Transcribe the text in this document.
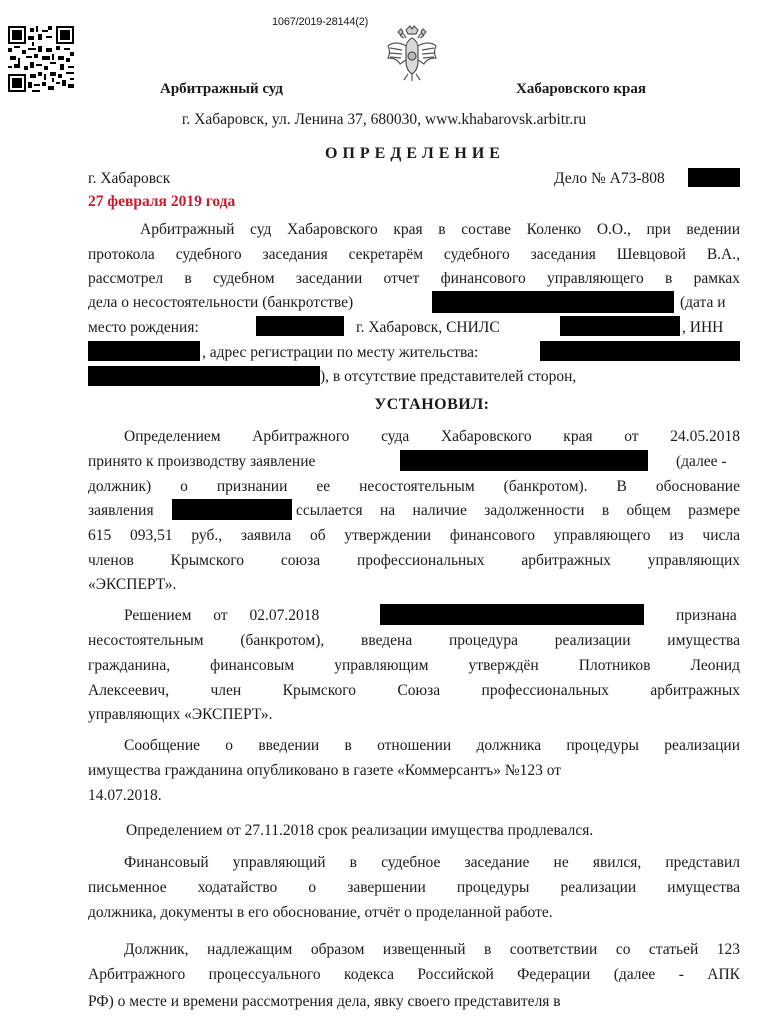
1067/2019-28144(2)
Арбитражный суд	Хабаровского края
г. Хабаровск, ул. Ленина 37, 680030, www.khabarovsk.arbitr.ru
ОПРЕДЕЛЕНИЕ
г. Хабаровск	Дело № А73-808
27 февраля 2019 года
Арбитражный суд Хабаровского края в составе Коленко О.О., при ведении
протокола судебного заседания секретарём судебного заседания Шевцовой В.А.,
рассмотрел в судебном заседании отчет финансового управляющего в рамках
дела о несостоятельности (банкротстве)	(дата и
место рождения:	г. Хабаровск, СНИЛС	, ИНН
, адрес регистрации по месту жительства:
), в отсутствие представителей сторон,
УСТАНОВИЛ:
Определением Арбитражного суда Хабаровского края от 24.05.2018
принято к производству заявление	(далее -
должник) о признании ее несостоятельным (банкротом). В обоснование
заявления	ссылается на наличие задолженности в общем размере
615 093,51 руб., заявила об утверждении финансового управляющего из числа
членов Крымского союза профессиональных арбитражных управляющих
«ЭКСПЕРТ».
Решением от 02.07.2018	признана
несостоятельным (банкротом), введена процедура реализации имущества
гражданина, финансовым управляющим утверждён Плотников Леонид
Алексеевич, член Крымского Союза профессиональных арбитражных
управляющих «ЭКСПЕРТ».
Сообщение о введении в отношении должника процедуры реализации
имущества гражданина опубликовано в газете «Коммерсантъ» №123 от
14.07.2018.
Определением от 27.11.2018 срок реализации имущества продлевался.
Финансовый управляющий в судебное заседание не явился, представил
письменное ходатайство о завершении процедуры реализации имущества
должника, документы в его обоснование, отчёт о проделанной работе.
Должник, надлежащим образом извещенный в соответствии со статьей 123
Арбитражного процессуального кодекса Российской Федерации (далее - АПК
РФ) о месте и времени рассмотрения дела, явку своего представителя в
